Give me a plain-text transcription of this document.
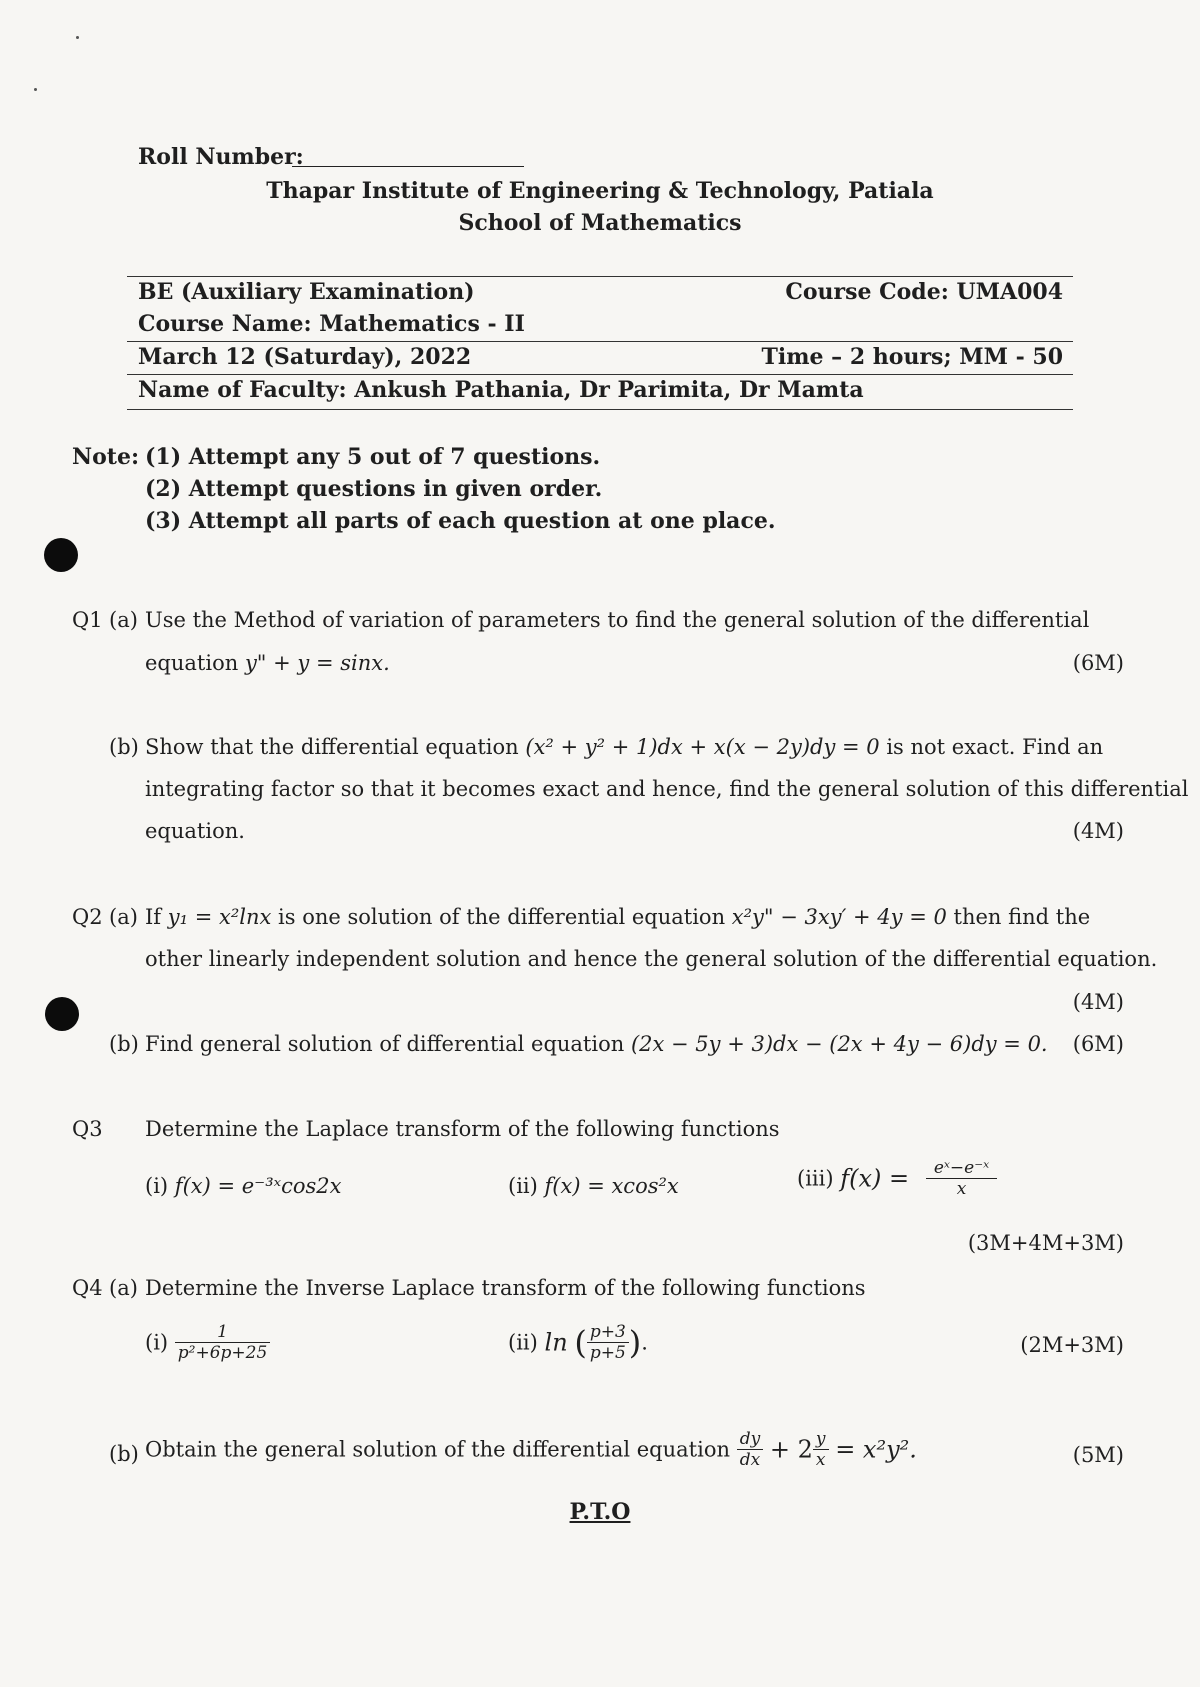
Roll Number:
Thapar Institute of Engineering & Technology, Patiala
School of Mathematics
BE (Auxiliary Examination)	Course Code: UMA004
Course Name: Mathematics - II
March 12 (Saturday), 2022	Time – 2 hours; MM - 50
Name of Faculty: Ankush Pathania, Dr Parimita, Dr Mamta
Note: (1) Attempt any 5 out of 7 questions.
(2) Attempt questions in given order.
(3) Attempt all parts of each question at one place.
Q1 (a) Use the Method of variation of parameters to find the general solution of the differential
equation y" + y = sinx.	(6M)
(b) Show that the differential equation (x² + y² + 1)dx + x(x − 2y)dy = 0 is not exact. Find an
integrating factor so that it becomes exact and hence, find the general solution of this differential
equation.	(4M)
Q2 (a) If y₁ = x²lnx is one solution of the differential equation x²y" − 3xy′ + 4y = 0 then find the
other linearly independent solution and hence the general solution of the differential equation.
(4M)
(b) Find general solution of differential equation (2x − 5y + 3)dx − (2x + 4y − 6)dy = 0. (6M)
Q3 Determine the Laplace transform of the following functions
(i) f(x) = e⁻³ˣcos2x	(ii) f(x) = xcos²x	(iii) $f(x) = \frac{\text{eˣ−e⁻ˣ}}{x}$
(3M+4M+3M)
Q4 (a) Determine the Inverse Laplace transform of the following functions
$(i) \frac{1}{\text{p²+6p+25}}$	(ii) ln ( $\frac{p+3}{p+5}$ ).	(2M+3M)
(b) Obtain the general solution of the differential equation $\frac{dy}{dx} + 2 \frac{y}{x} = x^2y^2$.	(5M)
P.T.O
